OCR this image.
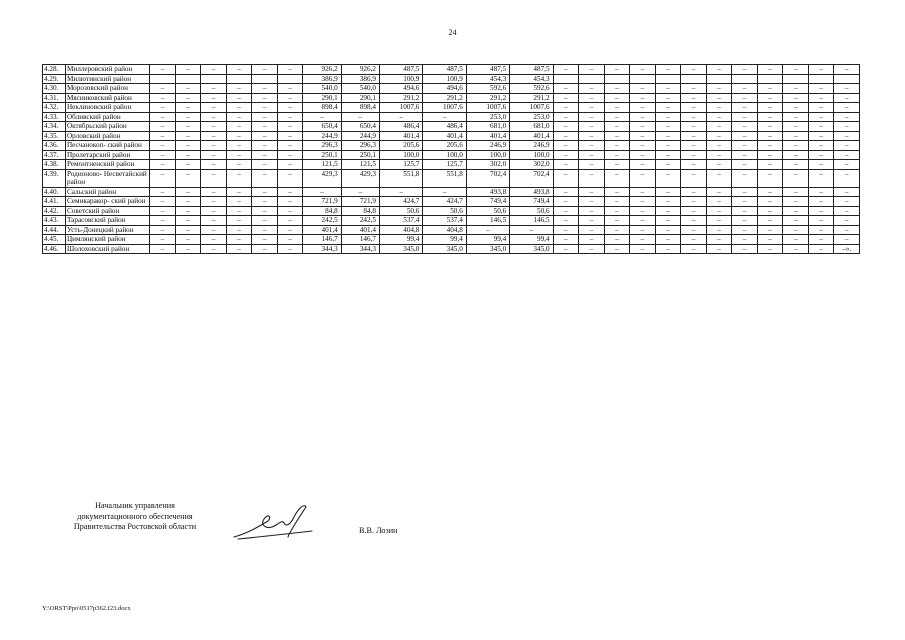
24
4.28.	Миллеровский район	–	–	–	–	–	–	926,2	926,2	487,5	487,5	487,5	487,5	–	–	–	–	–	–	–	–	–	–	–	–
4.29.	Милютинский район							386,9	386,9	100,9	100,9	454,3	454,3												
4.30.	Морозовский район	–	–	–	–	–	–	540,0	540,0	494,6	494,6	592,6	592,6	–	–	–	–	–	–	–	–	–	–	–	–
4.31.	Мясниковский район	–	–	–	–	–	–	290,1	290,1	291,2	291,2	291,2	291,2	–	–	–	–	–	–	–	–	–	–	–	–
4.32.	Неклиновский район	–	–	–	–	–	–	898,4	898,4	1007,6	1007,6	1007,6	1007,6	–	–	–	–	–	–	–	–	–	–	–	–
4.33.	Обливский район	–	–	–	–	–	–	–	–	–	–	253,0	253,0	–	–	–	–	–	–	–	–	–	–	–	–
4.34.	Октябрьский район	–	–	–	–	–	–	650,4	650,4	486,4	486,4	681,0	681,0	–	–	–	–	–	–	–	–	–	–	–	–
4.35.	Орловский район	–	–	–	–	–	–	244,9	244,9	401,4	401,4	401,4	401,4	–	–	–	–	–	–	–	–	–	–	–	–
4.36.	Песчанокоп- ский район	–	–	–	–	–	–	296,3	296,3	205,6	205,6	246,9	246,9	–	–	–	–	–	–	–	–	–	–	–	–
4.37.	Пролетарский район	–	–	–	–	–	–	250,1	250,1	100,0	100,0	100,0	100,0	–	–	–	–	–	–	–	–	–	–	–	–
4.38.	Ремонтненский район	–	–	–	–	–	–	121,5	121,5	125,7	125,7	302,0	302,0	–	–	–	–	–	–	–	–	–	–	–	–
4.39.	Родионово- Несветайский район	–	–	–	–	–	–	429,3	429,3	551,8	551,8	702,4	702,4	–	–	–	–	–	–	–	–	–	–	–	–
4.40.	Сальский район	–	–	–	–	–	–	–	–	–	–	493,8	493,8	–	–	–	–	–	–	–	–	–	–	–	–
4.41.	Семикаракор- ский район	–	–	–	–	–	–	721,9	721,9	424,7	424,7	749,4	749,4	–	–	–	–	–	–	–	–	–	–	–	–
4.42.	Советский район	–	–	–	–	–	–	84,8	84,8	50,6	50,6	50,6	50,6	–	–	–	–	–	–	–	–	–	–	–	–
4.43.	Тарасовский район	–	–	–	–	–	–	242,5	242,5	537,4	537,4	146,5	146,5	–	–	–	–	–	–	–	–	–	–	–	–
4.44.	Усть-Донецкий район	–	–	–	–	–	–	401,4	401,4	404,8	404,8	–	–	–	–	–	–	–	–	–	–	–	–	–	–
4.45.	Цимлянский район	–	–	–	–	–	–	146,7	146,7	99,4	99,4	99,4	99,4	–	–	–	–	–	–	–	–	–	–	–	–
4.46.	Шолоховский район	–	–	–	–	–	–	344,3	344,3	345,0	345,0	345,0	345,0	–	–	–	–	–	–	–	–	–	–	–	–».
Начальник управления
документационного обеспечения
Правительства Ростовской области	В.В. Лозин
Y:\ORST\Ppo\0517p362.f23.docx
